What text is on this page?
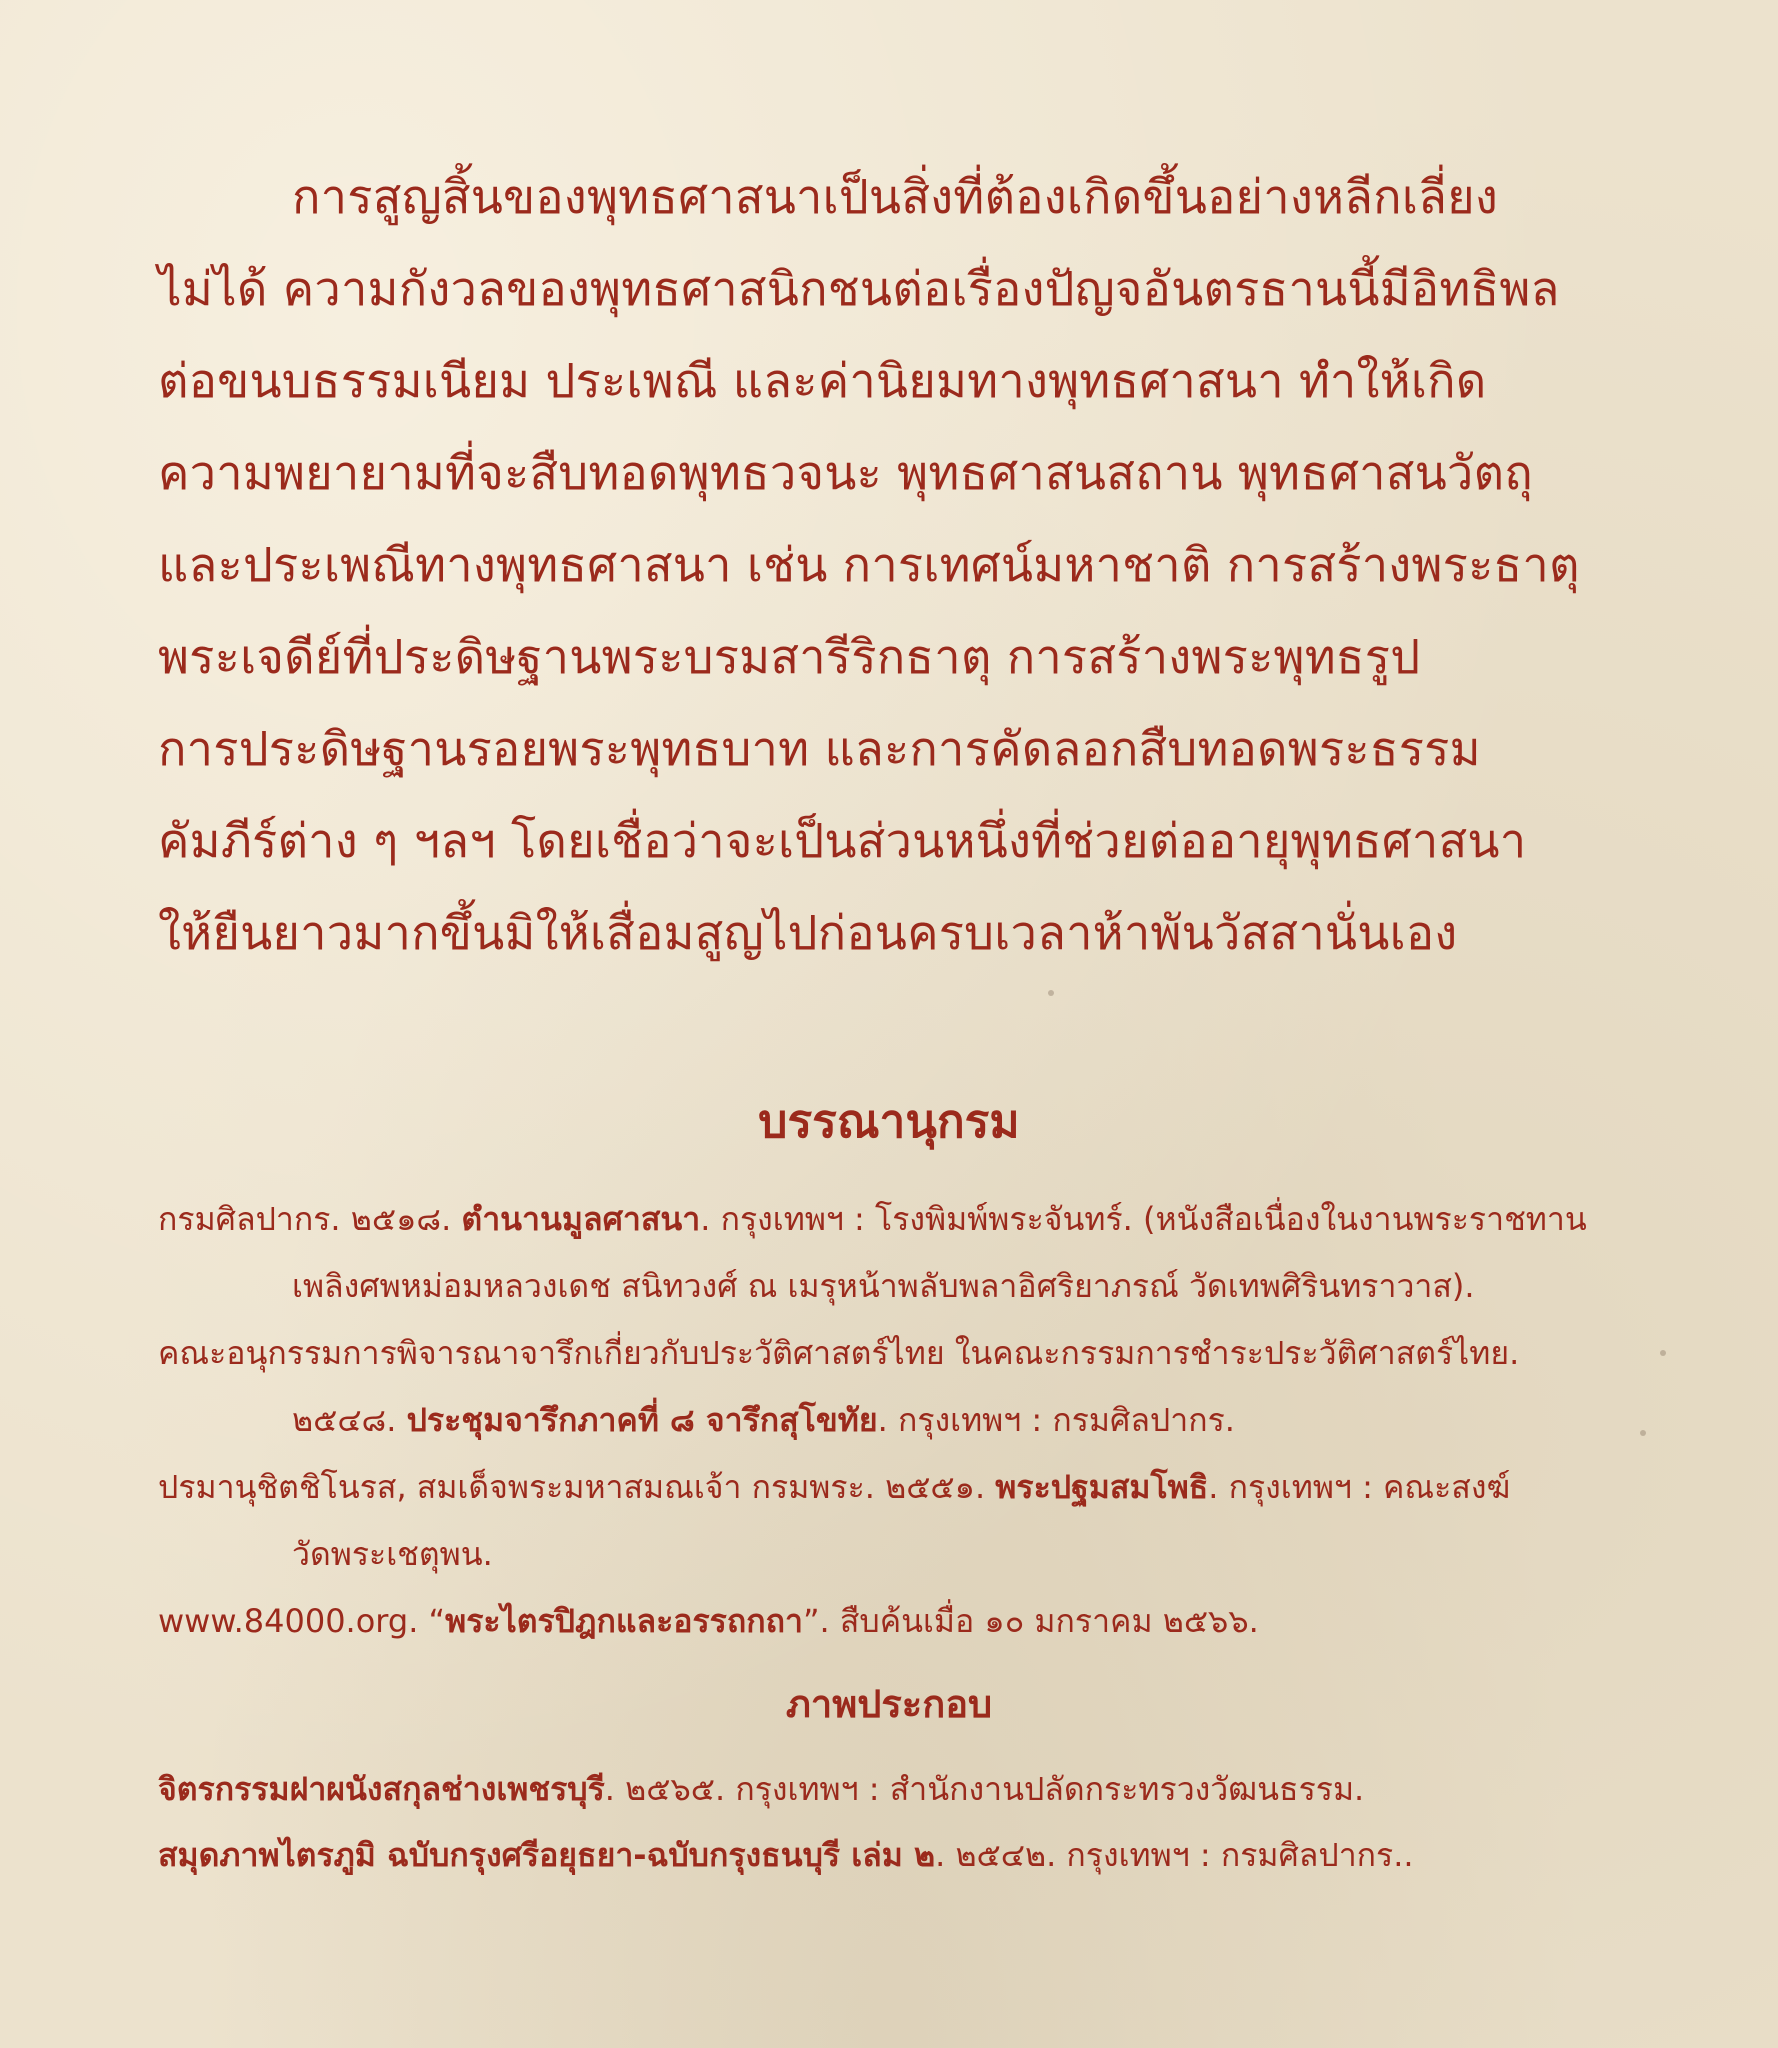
การสูญสิ้นของพุทธศาสนาเป็นสิ่งที่ต้องเกิดขึ้นอย่างหลีกเลี่ยง
ไม่ได้ ความกังวลของพุทธศาสนิกชนต่อเรื่องปัญจอันตรธานนี้มีอิทธิพล
ต่อขนบธรรมเนียม ประเพณี และค่านิยมทางพุทธศาสนา ทำให้เกิด
ความพยายามที่จะสืบทอดพุทธวจนะ พุทธศาสนสถาน พุทธศาสนวัตถุ
และประเพณีทางพุทธศาสนา เช่น การเทศน์มหาชาติ การสร้างพระธาตุ
พระเจดีย์ที่ประดิษฐานพระบรมสารีริกธาตุ การสร้างพระพุทธรูป
การประดิษฐานรอยพระพุทธบาท และการคัดลอกสืบทอดพระธรรม
คัมภีร์ต่าง ๆ ฯลฯ โดยเชื่อว่าจะเป็นส่วนหนึ่งที่ช่วยต่ออายุพุทธศาสนา
ให้ยืนยาวมากขึ้นมิให้เสื่อมสูญไปก่อนครบเวลาห้าพันวัสสานั่นเอง
บรรณานุกรม
กรมศิลปากร. ๒๕๑๘. ตำนานมูลศาสนา. กรุงเทพฯ : โรงพิมพ์พระจันทร์. (หนังสือเนื่องในงานพระราชทาน
เพลิงศพหม่อมหลวงเดช สนิทวงศ์ ณ เมรุหน้าพลับพลาอิศริยาภรณ์ วัดเทพศิรินทราวาส).
คณะอนุกรรมการพิจารณาจารึกเกี่ยวกับประวัติศาสตร์ไทย ในคณะกรรมการชำระประวัติศาสตร์ไทย.
๒๕๔๘. ประชุมจารึกภาคที่ ๘ จารึกสุโขทัย. กรุงเทพฯ : กรมศิลปากร.
ปรมานุชิตชิโนรส, สมเด็จพระมหาสมณเจ้า กรมพระ. ๒๕๕๑. พระปฐมสมโพธิ. กรุงเทพฯ : คณะสงฆ์
วัดพระเชตุพน.
www.84000.org. “พระไตรปิฎกและอรรถกถา”. สืบค้นเมื่อ ๑๐ มกราคม ๒๕๖๖.
ภาพประกอบ
จิตรกรรมฝาผนังสกุลช่างเพชรบุรี. ๒๕๖๕. กรุงเทพฯ : สำนักงานปลัดกระทรวงวัฒนธรรม.
สมุดภาพไตรภูมิ ฉบับกรุงศรีอยุธยา-ฉบับกรุงธนบุรี เล่ม ๒. ๒๕๔๒. กรุงเทพฯ : กรมศิลปากร..
